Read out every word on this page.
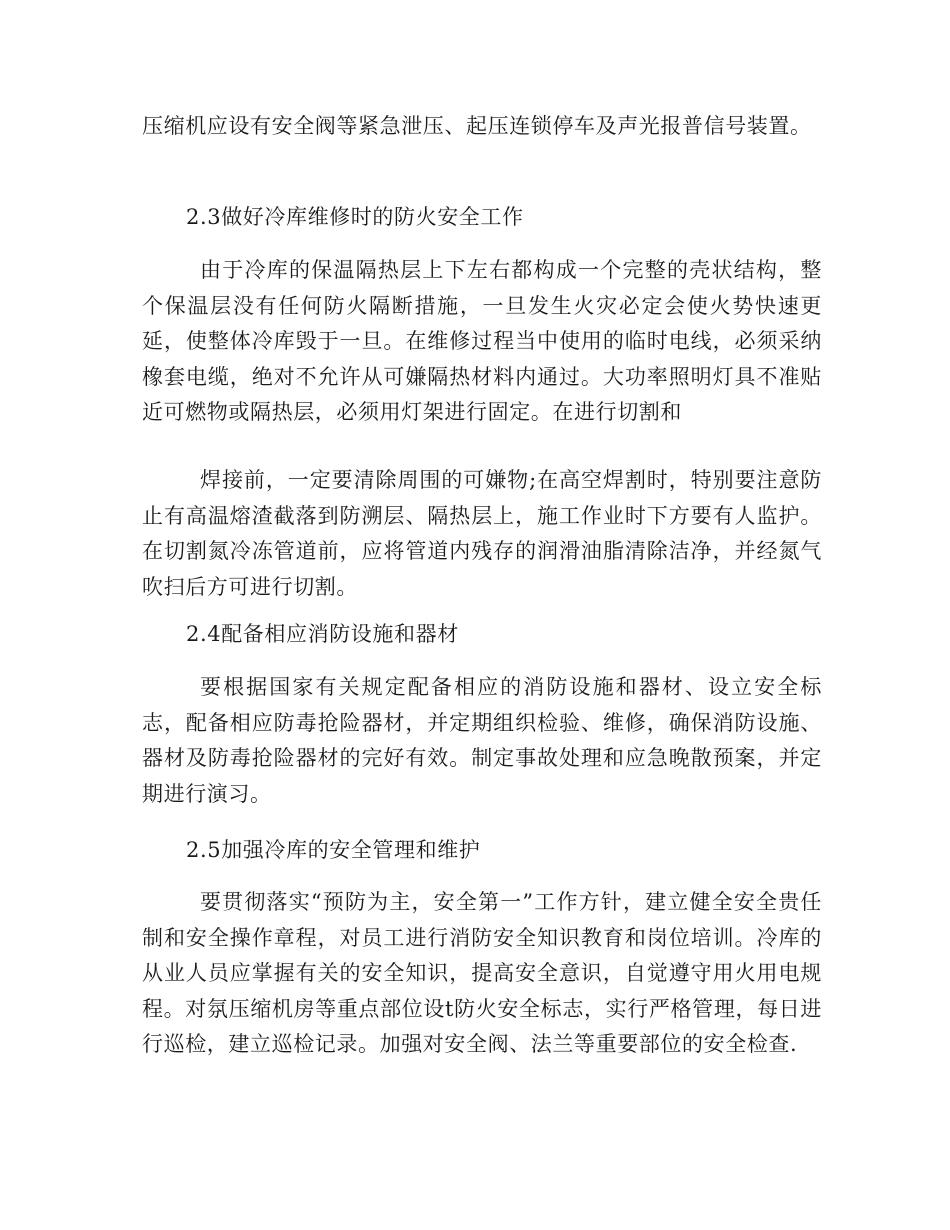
压缩机应设有安全阀等紧急泄压、起压连锁停车及声光报普信号装置。

2.3做好冷库维修时的防火安全工作

由于冷库的保温隔热层上下左右都构成一个完整的壳状结构，整个保温层没有任何防火隔断措施，一旦发生火灾必定会使火势快速更延，使整体冷库毁于一旦。在维修过程当中使用的临时电线，必须采纳橡套电缆，绝对不允许从可嫌隔热材料内通过。大功率照明灯具不准贴近可燃物或隔热层，必须用灯架进行固定。在进行切割和

焊接前，一定要清除周围的可嫌物;在高空焊割时，特别要注意防止有高温熔渣截落到防溯层、隔热层上，施工作业时下方要有人监护。在切割氮冷冻管道前，应将管道内残存的润滑油脂清除洁净，并经氮气吹扫后方可进行切割。

2.4配备相应消防设施和器材

要根据国家有关规定配备相应的消防设施和器材、设立安全标志，配备相应防毒抢险器材，并定期组织检验、维修，确保消防设施、器材及防毒抢险器材的完好有效。制定事故处理和应急晚散预案，并定期进行演习。

2.5加强冷库的安全管理和维护

要贯彻落实“预防为主，安全第一”工作方针，建立健全安全贵任制和安全操作章程，对员工进行消防安全知识教育和岗位培训。冷库的从业人员应掌握有关的安全知识，提高安全意识，自觉遵守用火用电规程。对氛压缩机房等重点部位设t防火安全标志，实行严格管理，每日进行巡检，建立巡检记录。加强对安全阀、法兰等重要部位的安全检查.
